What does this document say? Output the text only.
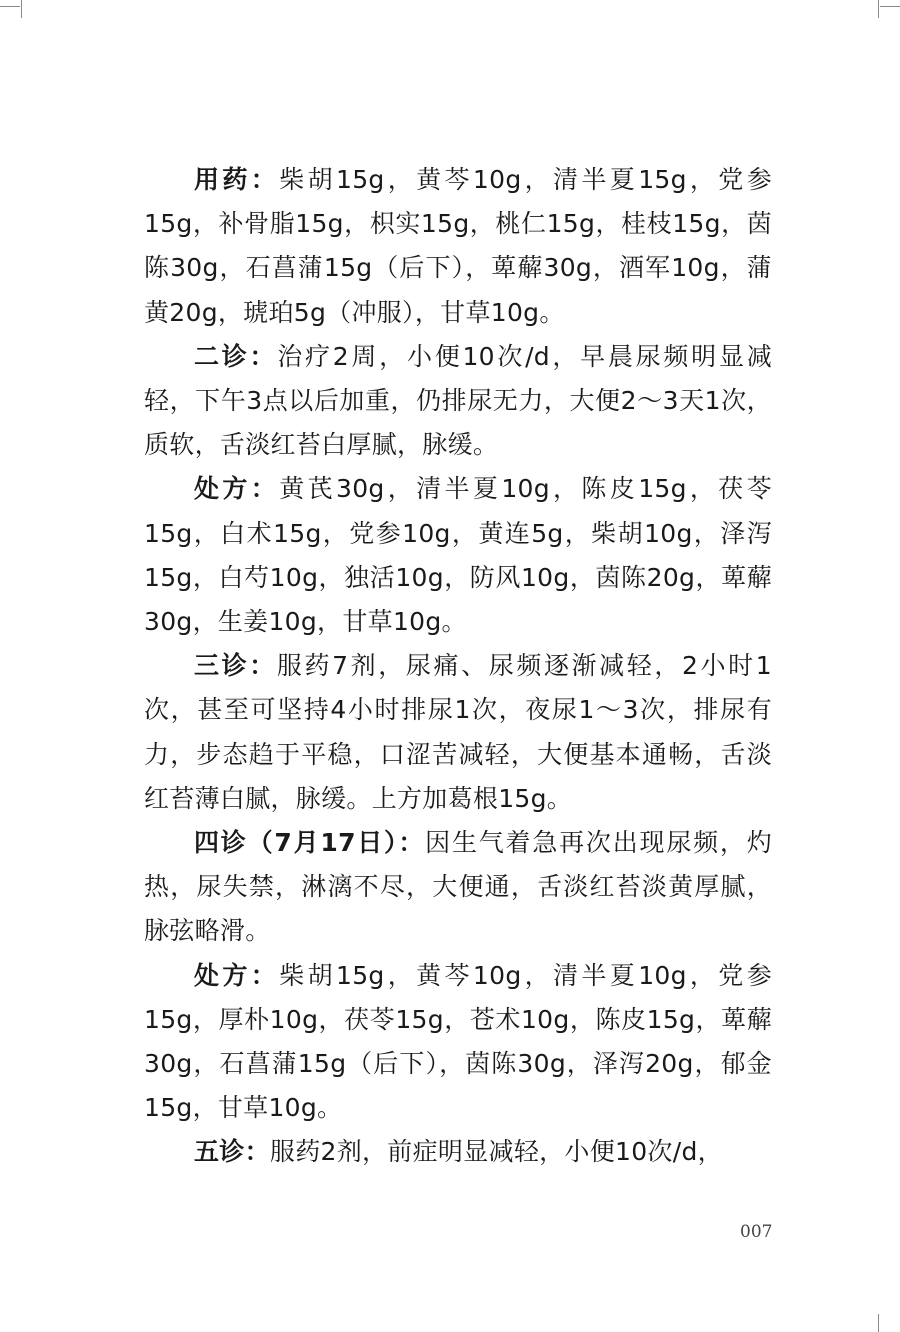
用药：柴胡15g，黄芩10g，清半夏15g，党参15g，补骨脂15g，枳实15g，桃仁15g，桂枝15g，茵陈30g，石菖蒲15g（后下），萆薢30g，酒军10g，蒲黄20g，琥珀5g（冲服），甘草10g。

二诊：治疗2周，小便10次/d，早晨尿频明显减轻，下午3点以后加重，仍排尿无力，大便2～3天1次，质软，舌淡红苔白厚腻，脉缓。

处方：黄芪30g，清半夏10g，陈皮15g，茯苓15g，白术15g，党参10g，黄连5g，柴胡10g，泽泻15g，白芍10g，独活10g，防风10g，茵陈20g，萆薢30g，生姜10g，甘草10g。

三诊：服药7剂，尿痛、尿频逐渐减轻，2小时1次，甚至可坚持4小时排尿1次，夜尿1～3次，排尿有力，步态趋于平稳，口涩苦减轻，大便基本通畅，舌淡红苔薄白腻，脉缓。上方加葛根15g。

四诊（7月17日）：因生气着急再次出现尿频，灼热，尿失禁，淋漓不尽，大便通，舌淡红苔淡黄厚腻，脉弦略滑。

处方：柴胡15g，黄芩10g，清半夏10g，党参15g，厚朴10g，茯苓15g，苍术10g，陈皮15g，萆薢30g，石菖蒲15g（后下），茵陈30g，泽泻20g，郁金15g，甘草10g。

五诊：服药2剂，前症明显减轻，小便10次/d，

007
